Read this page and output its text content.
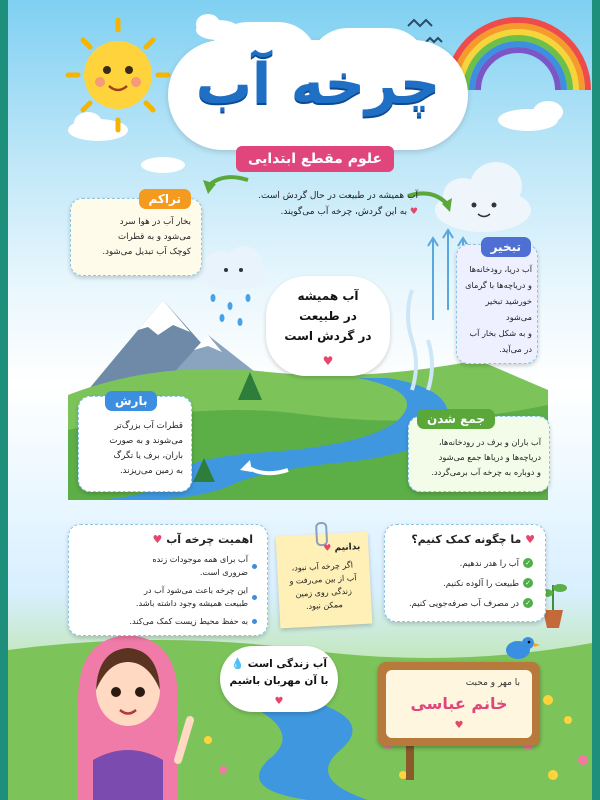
چرخه آب
علوم مقطع ابتدایی
آب همیشه در طبیعت در حال گردش است.
♥ به این گردش، چرخه آب می‌گویند.
تراکم
بخار آب در هوا سرد
می‌شود و به قطرات
کوچک آب تبدیل می‌شود.	تبخیر
آب دریا، رودخانه‌ها
و دریاچه‌ها با گرمای
خورشید تبخیر می‌شود
و به شکل بخار آب
در می‌آید.
آب همیشه
در طبیعت
در گردش است
♥
بارش
قطرات آب بزرگ‌تر
می‌شوند و به صورت
باران، برف یا تگرگ
به زمین می‌ریزند.
جمع شدن
آب باران و برف در رودخانه‌ها،
دریاچه‌ها و دریاها جمع می‌شود
و دوباره به چرخه آب برمی‌گردد.
اهمیت چرخه آب ♥
آب برای همه موجودات زنده ضروری است.
این چرخه باعث می‌شود آب در طبیعت همیشه وجود داشته باشد.
به حفظ محیط زیست کمک می‌کند.
بدانیم ♥
اگر چرخه آب نبود،
آب از بین می‌رفت و
زندگی روی زمین
ممکن نبود.
♥ ما چگونه کمک کنیم؟
✓
آب را هدر ندهیم.
✓
طبیعت را آلوده نکنیم.
✓
در مصرف آب صرفه‌جویی کنیم.
آب زندگی است 💧
با آن مهربان باشیم
♥
با مهر و محبت
خانم عباسی
♥
